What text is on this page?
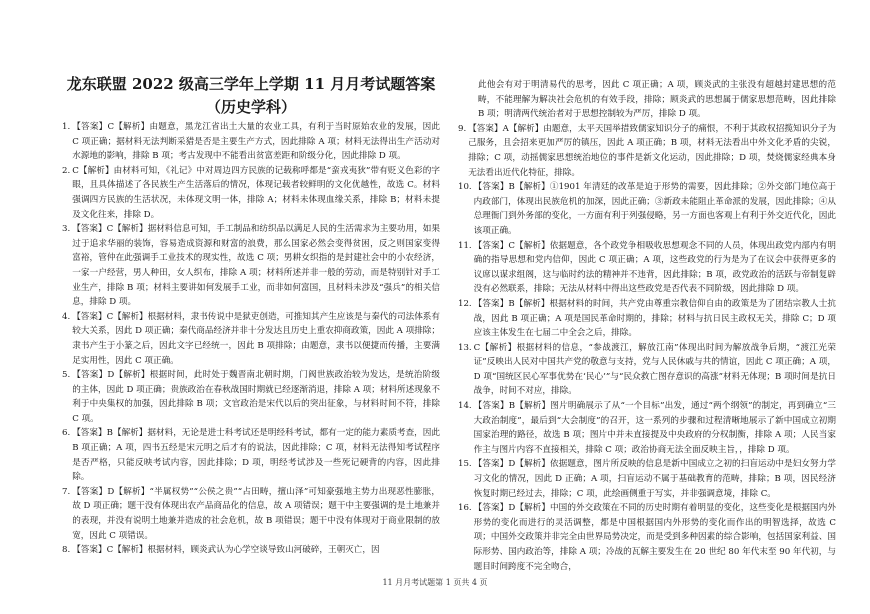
龙东联盟 2022 级高三学年上学期 11 月月考试题答案
（历史学科）
1. 【答案】C【解析】由题意，黑龙江省出土大量的农业工具，有利于当时原始农业的发展，因此 C 项正确；据材料无法判断采猎是否是主要生产方式，因此排除 A 项；材料无法得出生产活动对水源地的影响，排除 B 项；考古发现中不能看出贫富差距和阶级分化，因此排除 D 项。
2. C【解析】由材料可知，《礼记》中对周边四方民族的记载称呼都是“蛮戎夷狄”带有贬义色彩的字眼，且具体描述了各民族生产生活落后的情况，体现记载者较鲜明的文化优越性，故选 C。材料强调四方民族的生活状况，未体现文明一体，排除 A；材料未体现血缘关系，排除 B；材料未提及文化往来，排除 D。
3. 【答案】C【解析】据材料信息可知，手工制品和纺织品以满足人民的生活需求为主要功用，如果过于追求华丽的装饰，容易造成资源和财富的浪费，那么国家必然会变得贫困，反之则国家变得富裕，管仲在此强调手工业技术的现实性，故选 C 项；男耕女织指的是封建社会中的小农经济，一家一户经营，男人种田，女人织布，排除 A 项；材料所述并非一般的劳动，而是特别针对手工业生产，排除 B 项；材料主要讲如何发展手工业，而非如何富国，且材料未涉及“强兵”的相关信息，排除 D 项。
4. 【答案】C【解析】根据材料，隶书传说中是狱吏创造，可推知其产生应该是与秦代的司法体系有较大关系，因此 D 项正确；秦代商品经济并非十分发达且历史上重农抑商政策，因此 A 项排除；隶书产生于小篆之后，因此文字已经统一，因此 B 项排除；由题意，隶书以便捷而传播，主要满足实用性，因此 C 项正确。
5. 【答案】D【解析】根据时间，此时处于魏晋南北朝时期，门阀世族政治较为发达，是统治阶级的主体，因此 D 项正确；贵族政治在春秋战国时期就已经逐渐消退，排除 A 项；材料所述现象不利于中央集权的加强，因此排除 B 项；文官政治是宋代以后的突出征象，与材料时间不符，排除 C 项。
6. 【答案】B【解析】据材料，无论是进士科考试还是明经科考试，都有一定的能力素质考查，因此 B 项正确；A 项，四书五经是宋元明之后才有的说法，因此排除；C 项，材料无法得知考试程序是否严格，只能反映考试内容，因此排除；D 项，明经考试涉及一些死记硬背的内容，因此排除。
7. 【答案】D【解析】“半属权势”“公侯之贵”“占田畴，擅山泽”可知豪强地主势力出现恶性膨胀，故 D 项正确；题干没有体现出农产品商品化的信息，故 A 项错误；题干中主要强调的是土地兼并的表现，并没有说明土地兼并造成的社会危机，故 B 项错误；题干中没有体现对于商业限制的放宽，因此 C 项错误。
8. 【答案】C【解析】根据材料，顾炎武认为心学空谈导致山河破碎，王朝灭亡，因

此他会有对于明清易代的思考，因此 C 项正确；A 项，顾炎武的主张没有超越封建思想的范畴，不能理解为解决社会危机的有效手段，排除；顾炎武的思想属于儒家思想范畴，因此排除 B 项；明清两代统治者对于思想控制较为严厉，排除 D 项。

9. 【答案】A【解析】由题意，太平天国举措致儒家知识分子的痛恨，不利于其政权招揽知识分子为己服务，且会招来更加严厉的镇压，因此 A 项正确；B 项，材料无法看出中外文化矛盾的尖锐，排除；C 项，动摇儒家思想统治地位的事件是新文化运动，因此排除；D 项，焚烧儒家经典本身无法看出近代化特征，排除。
10. 【答案】B【解析】①1901 年清廷的改革是迫于形势的需要，因此排除；②外交部门地位高于内政部门，体现出民族危机的加深，因此正确；③新政未能阻止革命派的发展，因此排除；④从总理衙门到外务部的变化，一方面有利于列强侵略，另一方面也客观上有利于外交近代化，因此该项正确。
11. 【答案】C【解析】依据题意，各个政党争相吸收思想观念不同的人员，体现出政党内部内有明确的指导思想和党内信仰，因此 C 项正确；A 项，这些政党的行为是为了在议会中获得更多的议席以谋求组阁，这与临时约法的精神并不违背，因此排除；B 项，政党政治的活跃与帝制复辟没有必然联系，排除；无法从材料中得出这些政党是否代表不同阶级，因此排除 D 项。
12. 【答案】B【解析】根据材料的时间，共产党由尊重宗教信仰自由的政策是为了团结宗教人士抗战，因此 B 项正确；A 项是国民革命时期的，排除；材料与抗日民主政权无关，排除 C；D 项应该主体发生在七届二中全会之后，排除。
13. C【解析】根据材料的信息，“参战渡江，解放江南”体现出时间为解放战争后期，“渡江光荣证”反映出人民对中国共产党的敬意与支持，党与人民休戚与共的情谊，因此 C 项正确；A 项，D 项“国统区民心军事优势在‘民心’”与“民众救亡图存意识的高涨”材料无体现；B 项时间是抗日战争，时间不对应，排除。
14. 【答案】B【解析】图片明确展示了从“一个目标”出发，通过“两个纲领”的制定，再到确立“三大政治制度”，最后到“大会制度”的召开，这一系列的步骤和过程清晰地展示了新中国成立初期国家治理的路径，故选 B 项；图片中并未直接提及中央政府的分权制衡，排除 A 项；人民当家作主与图片内容不直接相关，排除 C 项；政治协商无法全面反映主旨，，排除 D 项。
15. 【答案】D【解析】依据题意，图片所反映的信息是新中国成立之初的扫盲运动中是妇女努力学习文化的情况，因此 D 正确；A 项，扫盲运动不属于基础教育的范畴，排除；B 项，因民经济恢复时期已经过去，排除；C 项，此绘画侧重于写实，并非强调意境，排除 C。
16. 【答案】D【解析】中国的外交政策在不同的历史时期有着明显的变化，这些变化是根据国内外形势的变化而进行的灵活调整，都是中国根据国内外形势的变化而作出的明智选择，故选 C 项；中国外交政策并非完全由世界局势决定，而是受到多种因素的综合影响，包括国家利益、国际形势、国内政治等，排除 A 项；冷战的瓦解主要发生在 20 世纪 80 年代末至 90 年代初，与题目时间跨度不完全吻合，
11 月月考试题第 1 页共 4 页
